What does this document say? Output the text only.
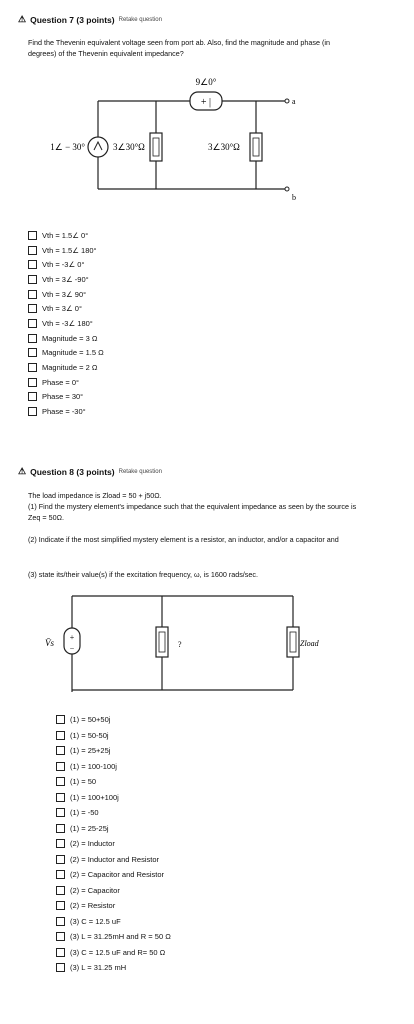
⚠ Question 7 (3 points) Retake question
Find the Thevenin equivalent voltage seen from port ab. Also, find the magnitude and phase (in degrees) of the Thevenin equivalent impedance?
+ |
1∠ − 30°	3∠30°Ω
9∠0°
3∠30°Ω
a
b
Vth = 1.5∠ 0°
Vth = 1.5∠ 180°
Vth = -3∠ 0°
Vth = 3∠ -90°
Vth = 3∠ 90°
Vth = 3∠ 0°
Vth = -3∠ 180°
Magnitude = 3 Ω
Magnitude = 1.5 Ω
Magnitude = 2 Ω
Phase = 0°
Phase = 30°
Phase = -30°
⚠ Question 8 (3 points) Retake question
The load impedance is Zload = 50 + j50Ω.
(1) Find the mystery element's impedance such that the equivalent impedance as seen by the source is Zeq = 50Ω.
(2) Indicate if the most simplified mystery element is a resistor, an inductor, and/or a capacitor and
(3) state its/their value(s) if the excitation frequency, ω, is 1600 rads/sec.
+
−
V̄s	?	Zload
(1) = 50+50j
(1) = 50-50j
(1) = 25+25j
(1) = 100-100j
(1) = 50
(1) = 100+100j
(1) = -50
(1) = 25-25j
(2) = Inductor
(2) = Inductor and Resistor
(2) = Capacitor and Resistor
(2) = Capacitor
(2) = Resistor
(3) C = 12.5 uF
(3) L = 31.25mH and R = 50 Ω
(3) C = 12.5 uF and R= 50 Ω
(3) L = 31.25 mH
